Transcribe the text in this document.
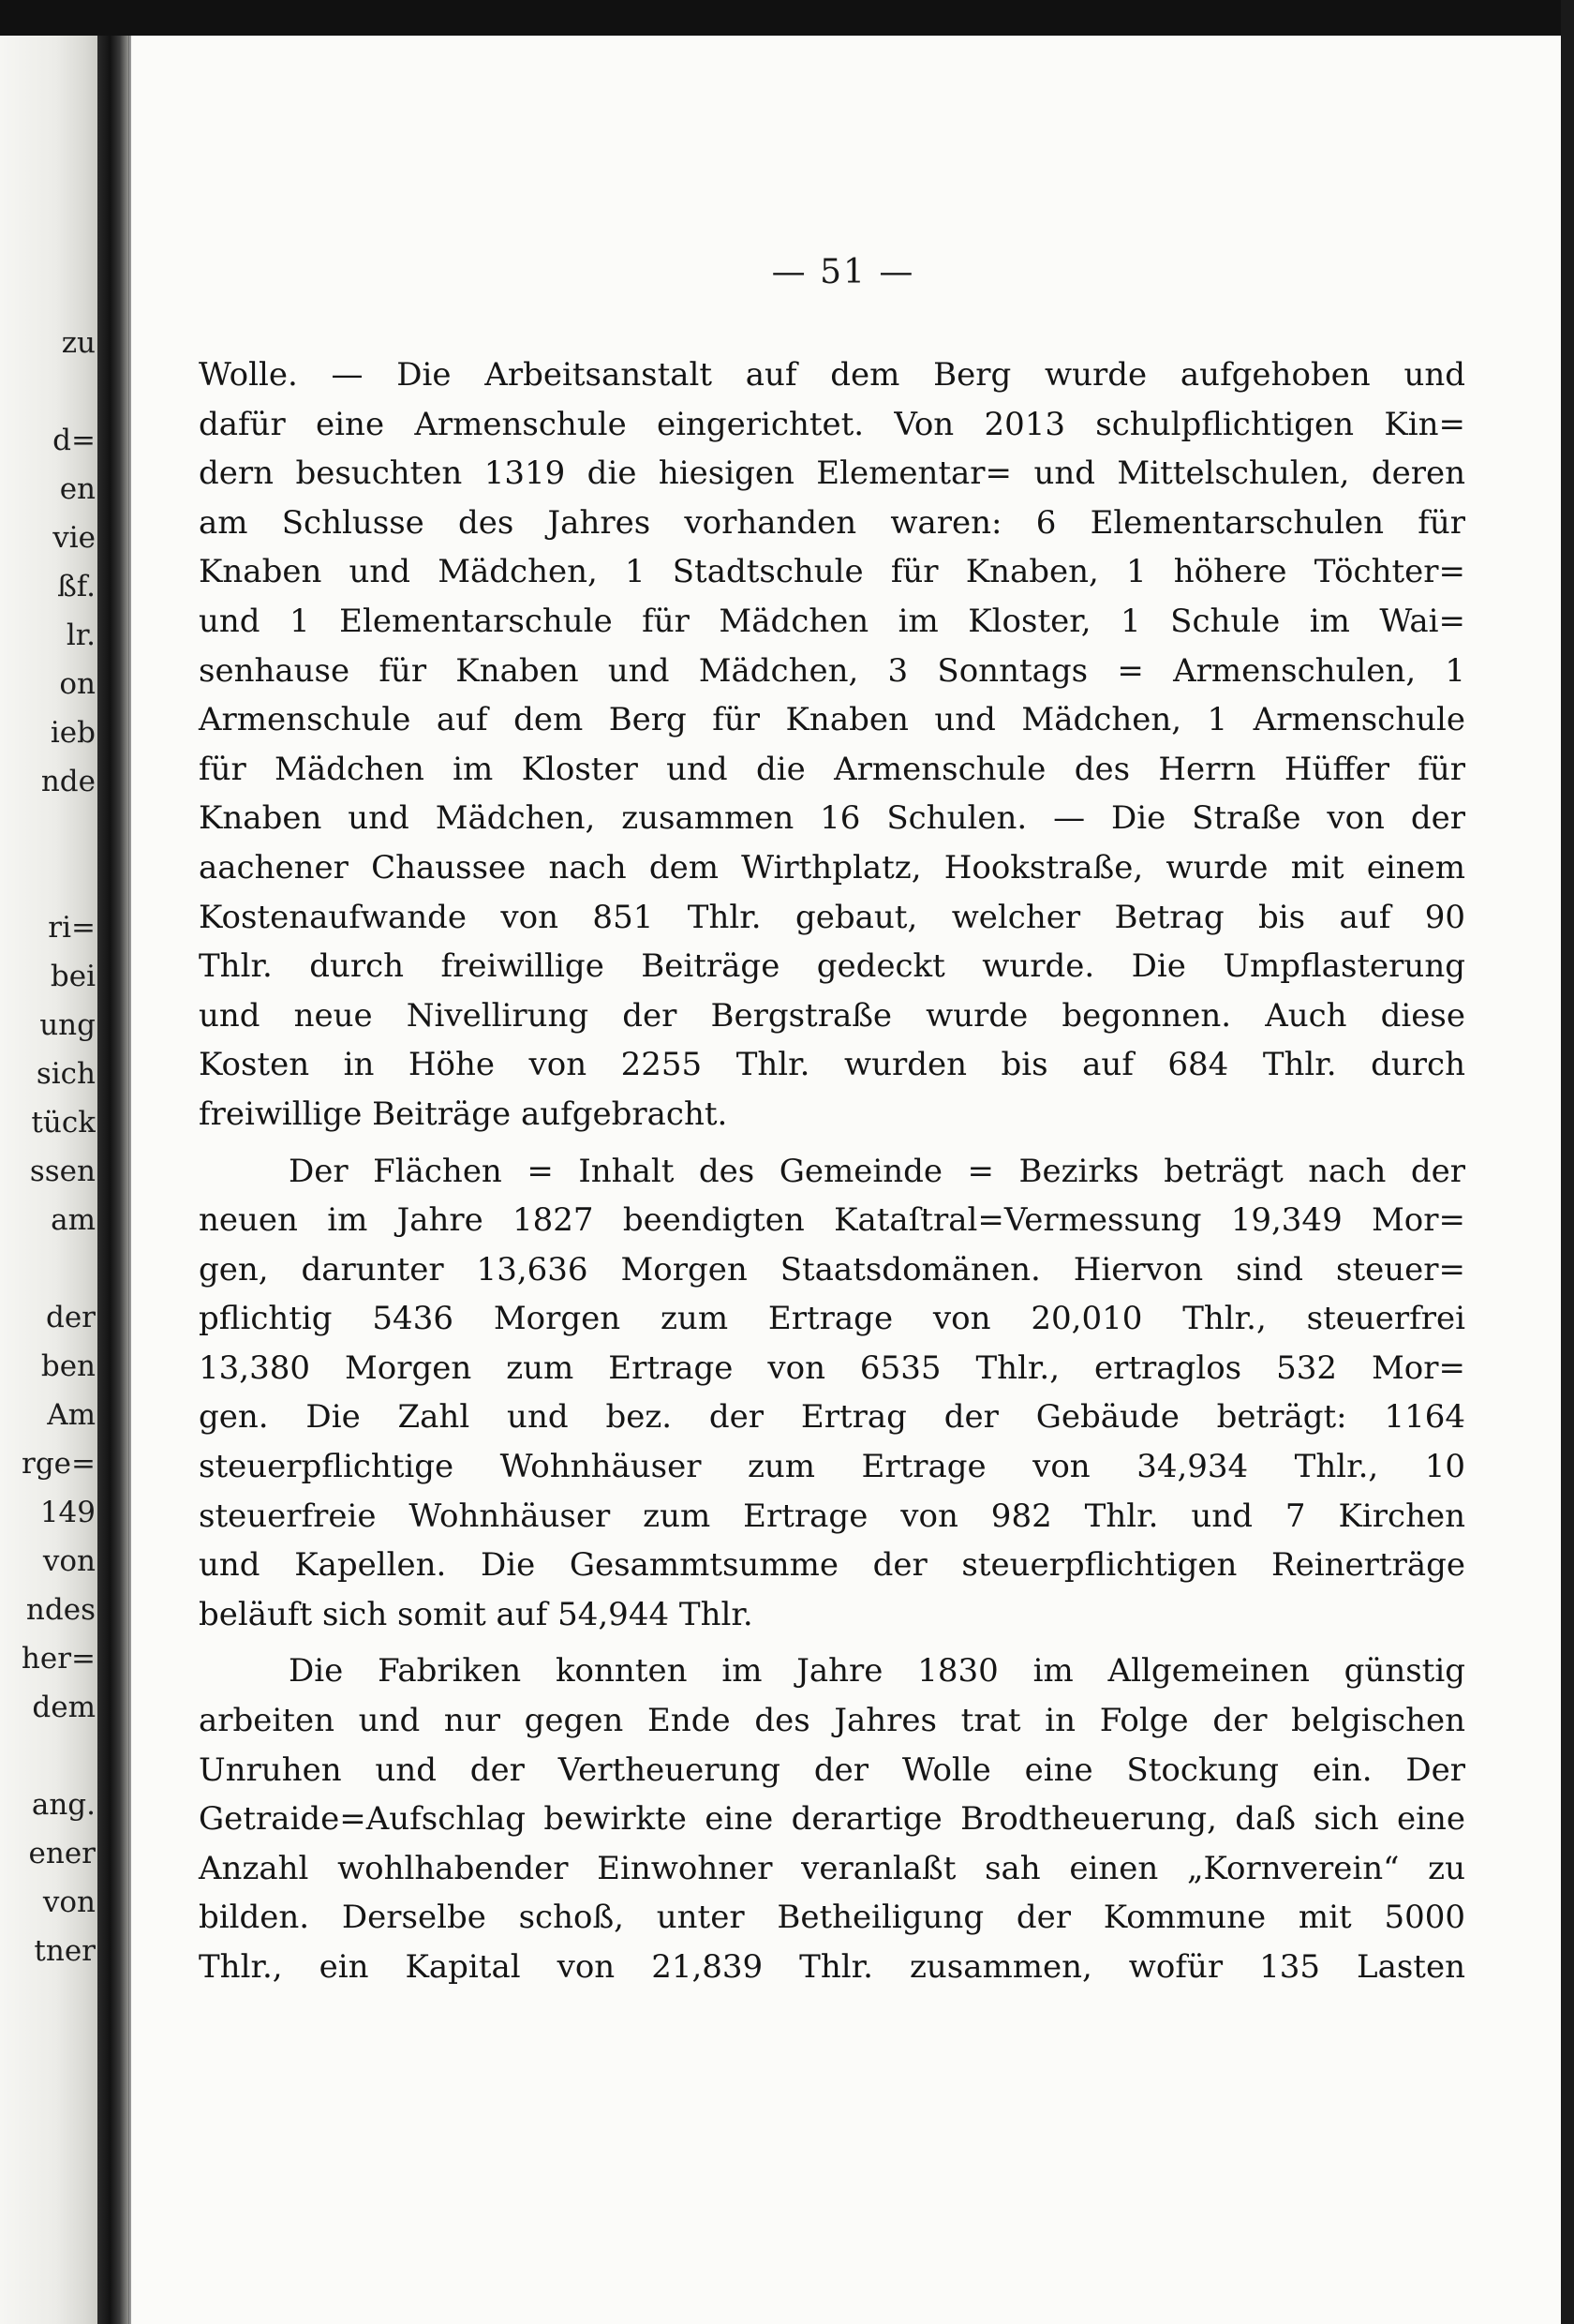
zu
d=
en
vie
ßf.
lr.
on
ieb
nde
ri=
bei
ung
sich
tück
ssen
am
der
ben
Am
rge=
149
von
ndes
her=
dem
ang.
ener
von
tner
— 51 —
Wolle. — Die Arbeitsanstalt auf dem Berg wurde aufgehoben und
dafür eine Armenschule eingerichtet. Von 2013 schulpflichtigen Kin=
dern besuchten 1319 die hiesigen Elementar= und Mittelschulen, deren
am Schlusse des Jahres vorhanden waren: 6 Elementarschulen für
Knaben und Mädchen, 1 Stadtschule für Knaben, 1 höhere Töchter=
und 1 Elementarschule für Mädchen im Kloster, 1 Schule im Wai=
senhause für Knaben und Mädchen, 3 Sonntags = Armenschulen, 1
Armenschule auf dem Berg für Knaben und Mädchen, 1 Armenschule
für Mädchen im Kloster und die Armenschule des Herrn Hüffer für
Knaben und Mädchen, zusammen 16 Schulen. — Die Straße von der
aachener Chaussee nach dem Wirthplatz, Hookstraße, wurde mit einem
Kostenaufwande von 851 Thlr. gebaut, welcher Betrag bis auf 90
Thlr. durch freiwillige Beiträge gedeckt wurde. Die Umpflasterung
und neue Nivellirung der Bergstraße wurde begonnen. Auch diese
Kosten in Höhe von 2255 Thlr. wurden bis auf 684 Thlr. durch
freiwillige Beiträge aufgebracht.
Der Flächen = Inhalt des Gemeinde = Bezirks beträgt nach der
neuen im Jahre 1827 beendigten Kataſtral=Vermessung 19,349 Mor=
gen, darunter 13,636 Morgen Staatsdomänen. Hiervon sind steuer=
pflichtig 5436 Morgen zum Ertrage von 20,010 Thlr., steuerfrei
13,380 Morgen zum Ertrage von 6535 Thlr., ertraglos 532 Mor=
gen. Die Zahl und bez. der Ertrag der Gebäude beträgt: 1164
steuerpflichtige Wohnhäuser zum Ertrage von 34,934 Thlr., 10
steuerfreie Wohnhäuser zum Ertrage von 982 Thlr. und 7 Kirchen
und Kapellen. Die Gesammtsumme der steuerpflichtigen Reinerträge
beläuft sich somit auf 54,944 Thlr.
Die Fabriken konnten im Jahre 1830 im Allgemeinen günstig
arbeiten und nur gegen Ende des Jahres trat in Folge der belgischen
Unruhen und der Vertheuerung der Wolle eine Stockung ein. Der
Getraide=Aufschlag bewirkte eine derartige Brodtheuerung, daß sich eine
Anzahl wohlhabender Einwohner veranlaßt sah einen „Kornverein“ zu
bilden. Derselbe schoß, unter Betheiligung der Kommune mit 5000
Thlr., ein Kapital von 21,839 Thlr. zusammen, wofür 135 Lasten
